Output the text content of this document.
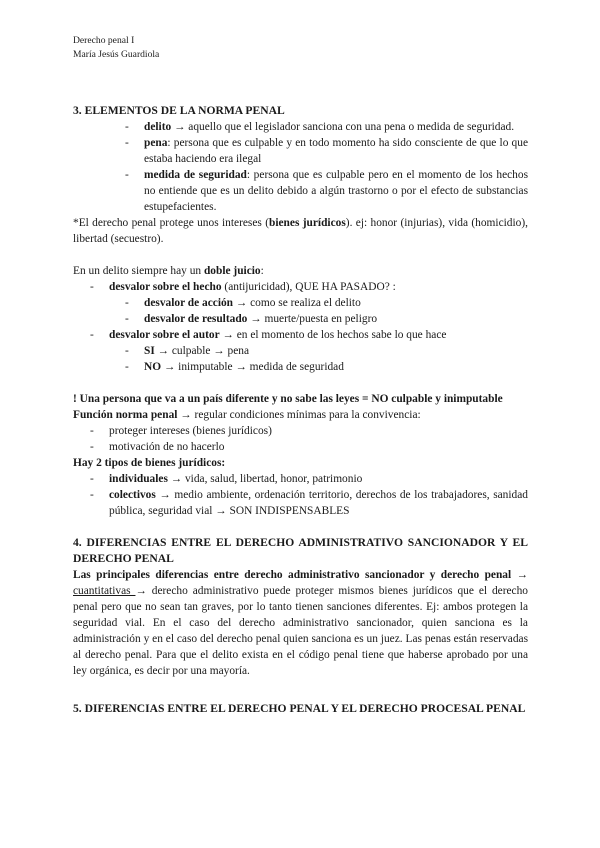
Derecho penal I
María Jesús Guardiola

3. ELEMENTOS DE LA NORMA PENAL

- delito → aquello que el legislador sanciona con una pena o medida de seguridad.
- pena: persona que es culpable y en todo momento ha sido consciente de que lo que estaba haciendo era ilegal
- medida de seguridad: persona que es culpable pero en el momento de los hechos no entiende que es un delito debido a algún trastorno o por el efecto de substancias estupefacientes.
*El derecho penal protege unos intereses (bienes jurídicos). ej: honor (injurias), vida (homicidio), libertad (secuestro).
En un delito siempre hay un doble juicio:
- desvalor sobre el hecho (antijuricidad), QUE HA PASADO? :
- desvalor de acción → como se realiza el delito
- desvalor de resultado → muerte/puesta en peligro
- desvalor sobre el autor → en el momento de los hechos sabe lo que hace
- SI → culpable → pena
- NO → inimputable → medida de seguridad
! Una persona que va a un país diferente y no sabe las leyes = NO culpable y inimputable
Función norma penal → regular condiciones mínimas para la convivencia:
- proteger intereses (bienes jurídicos)
- motivación de no hacerlo
Hay 2 tipos de bienes jurídicos:
- individuales → vida, salud, libertad, honor, patrimonio
- colectivos → medio ambiente, ordenación territorio, derechos de los trabajadores, sanidad pública, seguridad vial → SON INDISPENSABLES

4. DIFERENCIAS ENTRE EL DERECHO ADMINISTRATIVO SANCIONADOR Y EL DERECHO PENAL

Las principales diferencias entre derecho administrativo sancionador y derecho penal → cuantitativas → derecho administrativo puede proteger mismos bienes jurídicos que el derecho penal pero que no sean tan graves, por lo tanto tienen sanciones diferentes. Ej: ambos protegen la seguridad vial. En el caso del derecho administrativo sancionador, quien sanciona es la administración y en el caso del derecho penal quien sanciona es un juez. Las penas están reservadas al derecho penal. Para que el delito exista en el código penal tiene que haberse aprobado por una ley orgánica, es decir por una mayoría.

5. DIFERENCIAS ENTRE EL DERECHO PENAL Y EL DERECHO PROCESAL PENAL
